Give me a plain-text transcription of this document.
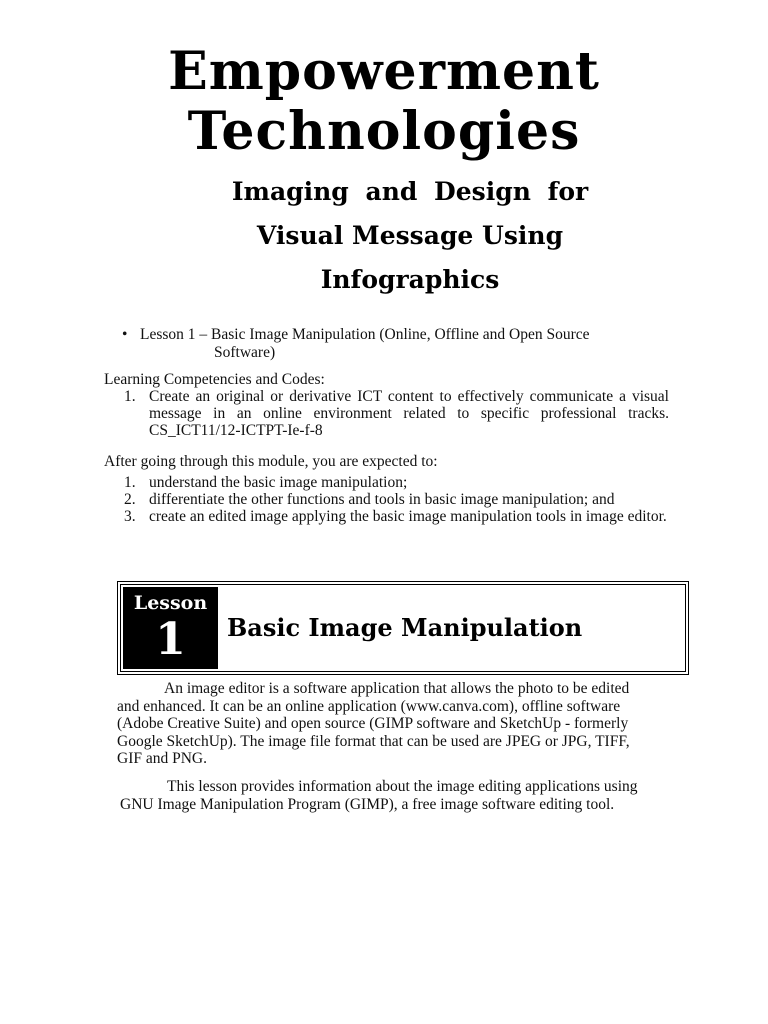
Empowerment
Technologies
Imaging and Design for
Visual Message Using
Infographics
• Lesson 1 – Basic Image Manipulation (Online, Offline and Open Source
Software)
Learning Competencies and Codes:
1. Create an original or derivative ICT content to effectively communicate a visual message in an online environment related to specific professional tracks. CS_ICT11/12-ICTPT-Ie-f-8
After going through this module, you are expected to:
1. understand the basic image manipulation;
2. differentiate the other functions and tools in basic image manipulation; and
3. create an edited image applying the basic image manipulation tools in image editor.
Lesson
1	Basic Image Manipulation
An image editor is a software application that allows the photo to be edited
and enhanced. It can be an online application (www.canva.com), offline software
(Adobe Creative Suite) and open source (GIMP software and SketchUp - formerly
Google SketchUp). The image file format that can be used are JPEG or JPG, TIFF,
GIF and PNG.
This lesson provides information about the image editing applications using
GNU Image Manipulation Program (GIMP), a free image software editing tool.
